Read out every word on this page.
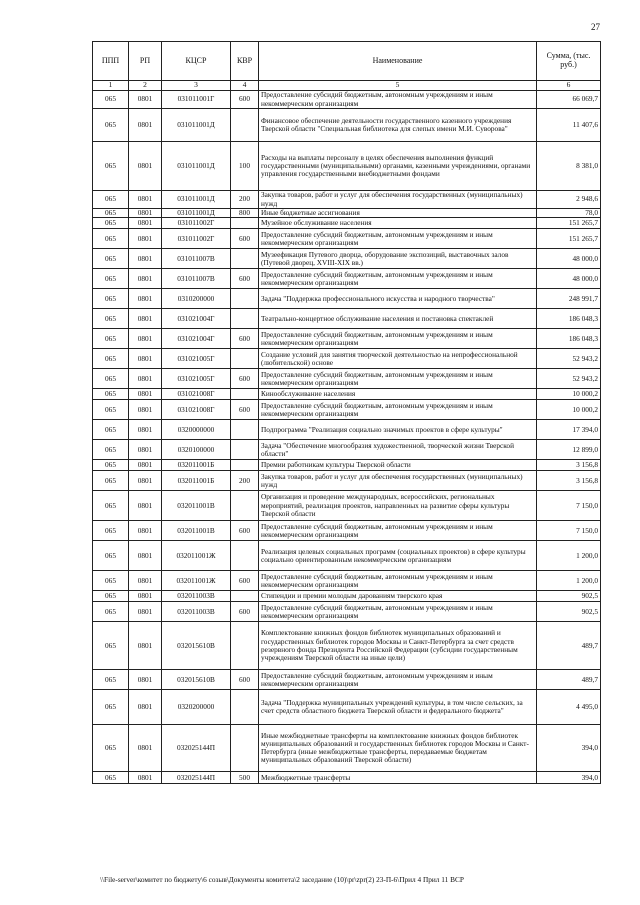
27
ППП	РП	КЦСР	КВР	Наименование	Сумма, (тыс. руб.)
1	2	3	4	5	6
065	0801	031011001Г	600	Предоставление субсидий бюджетным, автономным учреждениям и иным некоммерческим организациям	66 069,7
065	0801	031011001Д		Финансовое обеспечение деятельности государственного казенного учреждения Тверской области "Специальная библиотека для слепых имени М.И. Суворова"	11 407,6
065	0801	031011001Д	100	Расходы на выплаты персоналу в целях обеспечения выполнения функций государственными (муниципальными) органами, казенными учреждениями, органами управления государственными внебюджетными фондами	8 381,0
065	0801	031011001Д	200	Закупка товаров, работ и услуг для обеспечения государственных (муниципальных) нужд	2 948,6
065	0801	031011001Д	800	Иные бюджетные ассигнования	78,0
065	0801	031011002Г		Музейное обслуживание населения	151 265,7
065	0801	031011002Г	600	Предоставление субсидий бюджетным, автономным учреждениям и иным некоммерческим организациям	151 265,7
065	0801	031011007В		Музеефикация Путевого дворца, оборудование экспозиций, выставочных залов (Путевой дворец, XVIII-XIX вв.)	48 000,0
065	0801	031011007В	600	Предоставление субсидий бюджетным, автономным учреждениям и иным некоммерческим организациям	48 000,0
065	0801	0310200000		Задача "Поддержка профессионального искусства и народного творчества"	248 991,7
065	0801	031021004Г		Театрально-концертное обслуживание населения и постановка спектаклей	186 048,3
065	0801	031021004Г	600	Предоставление субсидий бюджетным, автономным учреждениям и иным некоммерческим организациям	186 048,3
065	0801	031021005Г		Создание условий для занятия творческой деятельностью на непрофессиональной (любительской) основе	52 943,2
065	0801	031021005Г	600	Предоставление субсидий бюджетным, автономным учреждениям и иным некоммерческим организациям	52 943,2
065	0801	031021008Г		Кинообслуживание населения	10 000,2
065	0801	031021008Г	600	Предоставление субсидий бюджетным, автономным учреждениям и иным некоммерческим организациям	10 000,2
065	0801	0320000000		Подпрограмма "Реализация социально значимых проектов в сфере культуры"	17 394,0
065	0801	0320100000		Задача "Обеспечение многообразия художественной, творческой жизни Тверской области"	12 899,0
065	0801	032011001Б		Премии работникам культуры Тверской области	3 156,8
065	0801	032011001Б	200	Закупка товаров, работ и услуг для обеспечения государственных (муниципальных) нужд	3 156,8
065	0801	032011001В		Организация и проведение международных, всероссийских, региональных мероприятий, реализация проектов, направленных на развитие сферы культуры Тверской области	7 150,0
065	0801	032011001В	600	Предоставление субсидий бюджетным, автономным учреждениям и иным некоммерческим организациям	7 150,0
065	0801	032011001Ж		Реализация целевых социальных программ (социальных проектов) в сфере культуры социально ориентированным некоммерческим организациям	1 200,0
065	0801	032011001Ж	600	Предоставление субсидий бюджетным, автономным учреждениям и иным некоммерческим организациям	1 200,0
065	0801	032011003В		Стипендии и премии молодым дарованиям тверского края	902,5
065	0801	032011003В	600	Предоставление субсидий бюджетным, автономным учреждениям и иным некоммерческим организациям	902,5
065	0801	032015610В		Комплектование книжных фондов библиотек муниципальных образований и государственных библиотек городов Москвы и Санкт-Петербурга за счет средств резервного фонда Президента Российской Федерации (субсидии государственным учреждениям Тверской области на иные цели)	489,7
065	0801	032015610В	600	Предоставление субсидий бюджетным, автономным учреждениям и иным некоммерческим организациям	489,7
065	0801	0320200000		Задача "Поддержка муниципальных учреждений культуры, в том числе сельских, за счет средств областного бюджета Тверской области и федерального бюджета"	4 495,0
065	0801	032025144П		Иные межбюджетные трансферты на комплектование книжных фондов библиотек муниципальных образований и государственных библиотек городов Москвы и Санкт-Петербурга (иные межбюджетные трансферты, передаваемые бюджетам муниципальных образований Тверской области)	394,0
065	0801	032025144П	500	Межбюджетные трансферты	394,0
\\File-server\комитет по бюджету\6 созыв\Документы комитета\2 заседание (10)\pr\zpr(2) 23-П-6\Прил 4 Прил 11 ВСР
